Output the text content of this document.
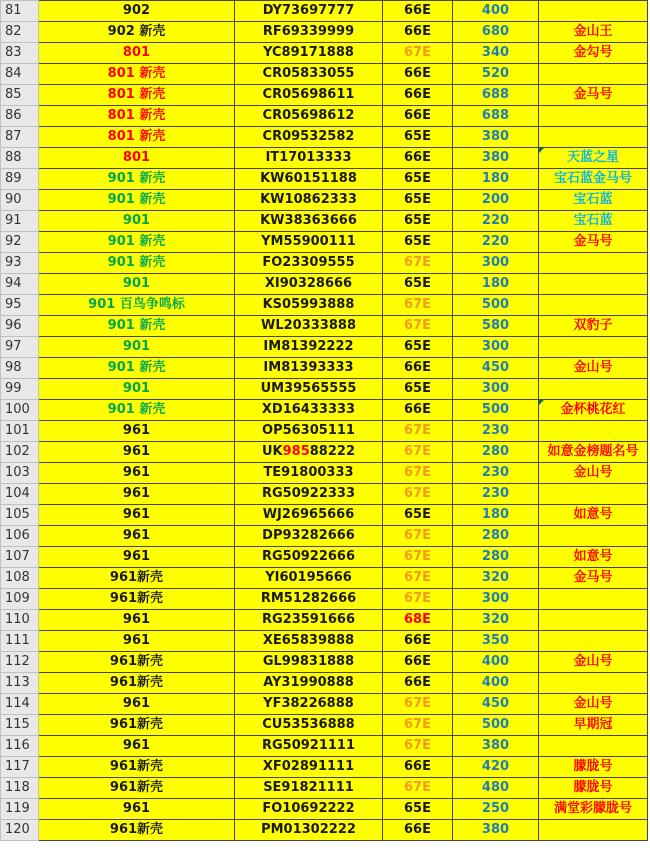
81	902	DY73697777	66E	400	
82	902 新壳	RF69339999	66E	680	金山王
83	801	YC89171888	67E	340	金勾号
84	801 新壳	CR05833055	66E	520	
85	801 新壳	CR05698611	66E	688	金马号
86	801 新壳	CR05698612	66E	688	
87	801 新壳	CR09532582	65E	380	
88	801	IT17013333	66E	380	天蓝之星
89	901 新壳	KW60151188	65E	180	宝石蓝金马号
90	901 新壳	KW10862333	65E	200	宝石蓝
91	901	KW38363666	65E	220	宝石蓝
92	901 新壳	YM55900111	65E	220	金马号
93	901 新壳	FO23309555	67E	300	
94	901	XI90328666	65E	180	
95	901 百鸟争鸣标	KS05993888	67E	500	
96	901 新壳	WL20333888	67E	580	双豹子
97	901	IM81392222	65E	300	
98	901 新壳	IM81393333	66E	450	金山号
99	901	UM39565555	65E	300	
100	901 新壳	XD16433333	66E	500	金杯桃花红
101	961	OP56305111	67E	230	
102	961	UK98588222	67E	280	如意金榜题名号
103	961	TE91800333	67E	230	金山号
104	961	RG50922333	67E	230	
105	961	WJ26965666	65E	180	如意号
106	961	DP93282666	67E	280	
107	961	RG50922666	67E	280	如意号
108	961新壳	YI60195666	67E	320	金马号
109	961新壳	RM51282666	67E	300	
110	961	RG23591666	68E	320	
111	961	XE65839888	66E	350	
112	961新壳	GL99831888	66E	400	金山号
113	961新壳	AY31990888	66E	400	
114	961	YF38226888	67E	450	金山号
115	961新壳	CU53536888	67E	500	早期冠
116	961	RG50921111	67E	380	
117	961新壳	XF02891111	66E	420	朦胧号
118	961新壳	SE91821111	67E	480	朦胧号
119	961	FO10692222	65E	250	满堂彩朦胧号
120	961新壳	PM01302222	66E	380	
